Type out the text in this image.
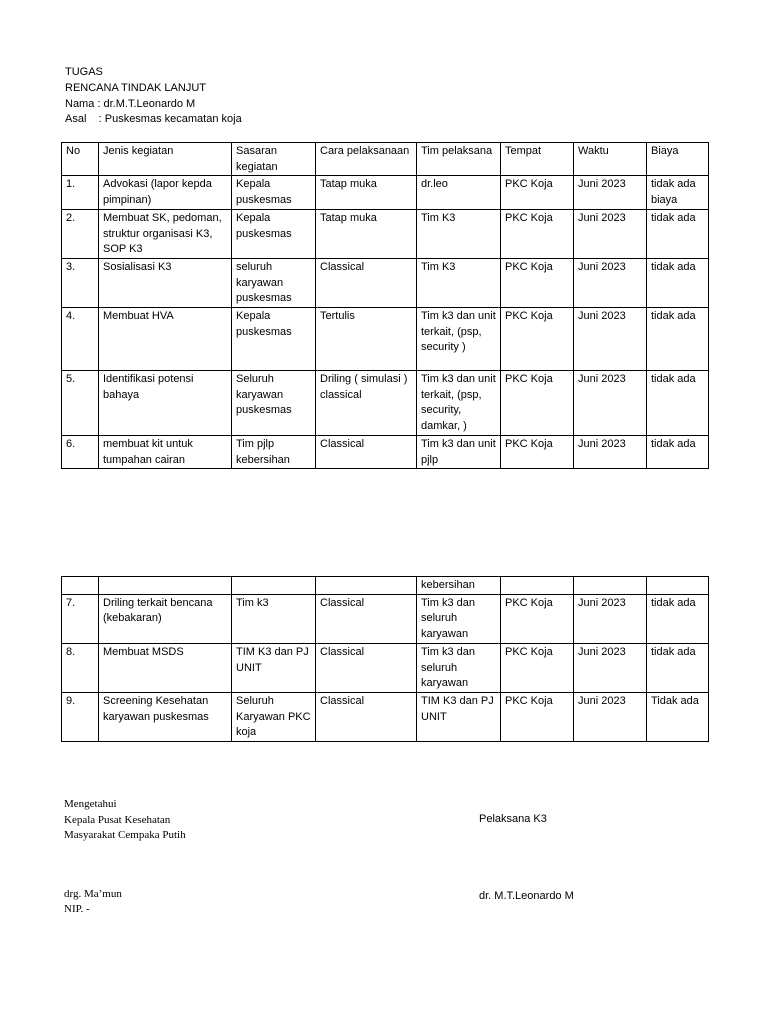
TUGAS
RENCANA TINDAK LANJUT
Nama : dr.M.T.Leonardo M
Asal    : Puskesmas kecamatan koja
No	Jenis kegiatan	Sasaran kegiatan	Cara pelaksanaan	Tim pelaksana	Tempat	Waktu	Biaya
1.	Advokasi (lapor kepda pimpinan)	Kepala puskesmas	Tatap muka	dr.leo	PKC Koja	Juni 2023	tidak ada biaya
2.	Membuat SK, pedoman, struktur organisasi K3, SOP K3	Kepala puskesmas	Tatap muka	Tim K3	PKC Koja	Juni 2023	tidak ada
3.	Sosialisasi K3	seluruh karyawan puskesmas	Classical	Tim K3	PKC Koja	Juni 2023	tidak ada
4.	Membuat HVA	Kepala puskesmas	Tertulis	Tim k3 dan unit terkait, (psp, security )	PKC Koja	Juni 2023	tidak ada
5.	Identifikasi potensi bahaya	Seluruh karyawan puskesmas	Driling ( simulasi ) classical	Tim k3 dan unit terkait, (psp, security, damkar, )	PKC Koja	Juni 2023	tidak ada
6.	membuat kit untuk tumpahan cairan	Tim pjlp kebersihan	Classical	Tim k3 dan unit pjlp	PKC Koja	Juni 2023	tidak ada
				kebersihan			
7.	Driling terkait bencana (kebakaran)	Tim k3	Classical	Tim k3 dan seluruh karyawan	PKC Koja	Juni 2023	tidak ada
8.	Membuat MSDS	TIM K3 dan PJ UNIT	Classical	Tim k3 dan seluruh karyawan	PKC Koja	Juni 2023	tidak ada
9.	Screening Kesehatan karyawan puskesmas	Seluruh Karyawan PKC koja	Classical	TIM K3 dan PJ UNIT	PKC Koja	Juni 2023	Tidak ada
Mengetahui
Kepala Pusat Kesehatan
Masyarakat Cempaka Putih
drg. Ma’mun
NIP. -
Pelaksana K3
dr. M.T.Leonardo M
